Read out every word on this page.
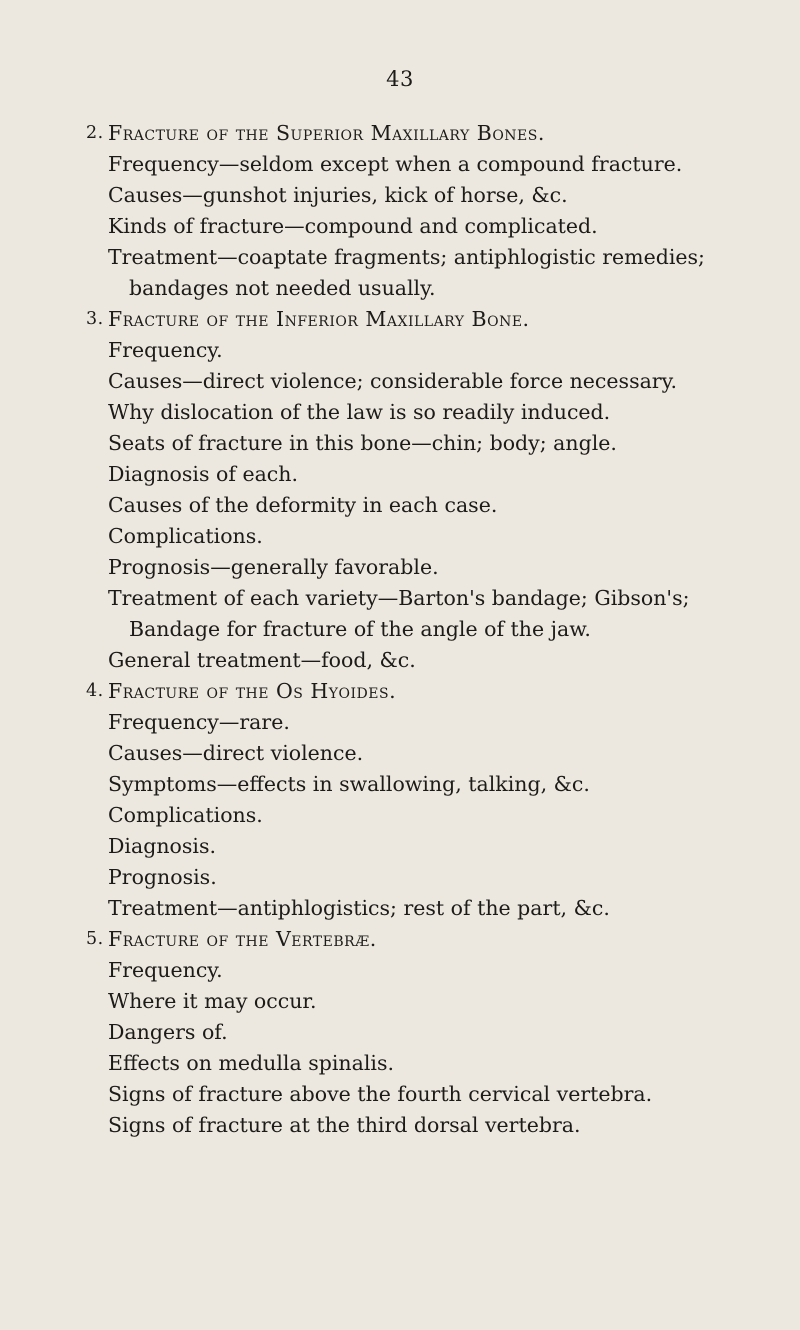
43
2. Fracture of the Superior Maxillary Bones.
Frequency—seldom except when a compound fracture.
Causes—gunshot injuries, kick of horse, &c.
Kinds of fracture—compound and complicated.
Treatment—coaptate fragments; antiphlogistic remedies;
bandages not needed usually.
3. Fracture of the Inferior Maxillary Bone.
Frequency.
Causes—direct violence; considerable force necessary.
Why dislocation of the law is so readily induced.
Seats of fracture in this bone—chin; body; angle.
Diagnosis of each.
Causes of the deformity in each case.
Complications.
Prognosis—generally favorable.
Treatment of each variety—Barton's bandage; Gibson's;
Bandage for fracture of the angle of the jaw.
General treatment—food, &c.
4. Fracture of the Os Hyoides.
Frequency—rare.
Causes—direct violence.
Symptoms—effects in swallowing, talking, &c.
Complications.
Diagnosis.
Prognosis.
Treatment—antiphlogistics; rest of the part, &c.
5. Fracture of the Vertebræ.
Frequency.
Where it may occur.
Dangers of.
Effects on medulla spinalis.
Signs of fracture above the fourth cervical vertebra.
Signs of fracture at the third dorsal vertebra.
